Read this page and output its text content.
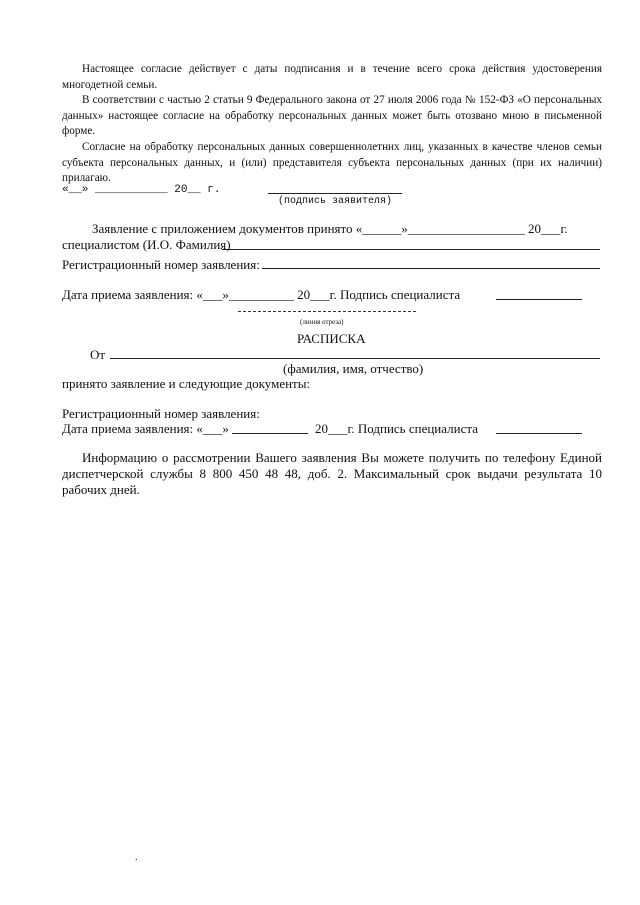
Настоящее согласие действует с даты подписания и в течение всего срока действия удостоверения многодетной семьи.
В соответствии с частью 2 статьи 9 Федерального закона от 27 июля 2006 года № 152-ФЗ «О персональных данных» настоящее согласие на обработку персональных данных может быть отозвано мною в письменной форме.
Согласие на обработку персональных данных совершеннолетних лиц, указанных в качестве членов семьи субъекта персональных данных, и (или) представителя субъекта персональных данных (при их наличии) прилагаю.
«__» ___________ 20__ г.
(подпись заявителя)
Заявление с приложением документов принято «______»__________________ 20___г.
специалистом (И.О. Фамилия)
Регистрационный номер заявления:
Дата приема заявления: «___»__________ 20___г. Подпись специалиста
(линия отреза)
РАСПИСКА
От
(фамилия, имя, отчество)
принято заявление и следующие документы:
Регистрационный номер заявления:
Дата приема заявления: «___»	20___г. Подпись специалиста
Информацию о рассмотрении Вашего заявления Вы можете получить по телефону Единой диспетчерской службы 8 800 450 48 48, доб. 2. Максимальный срок выдачи результата 10 рабочих дней.
.
